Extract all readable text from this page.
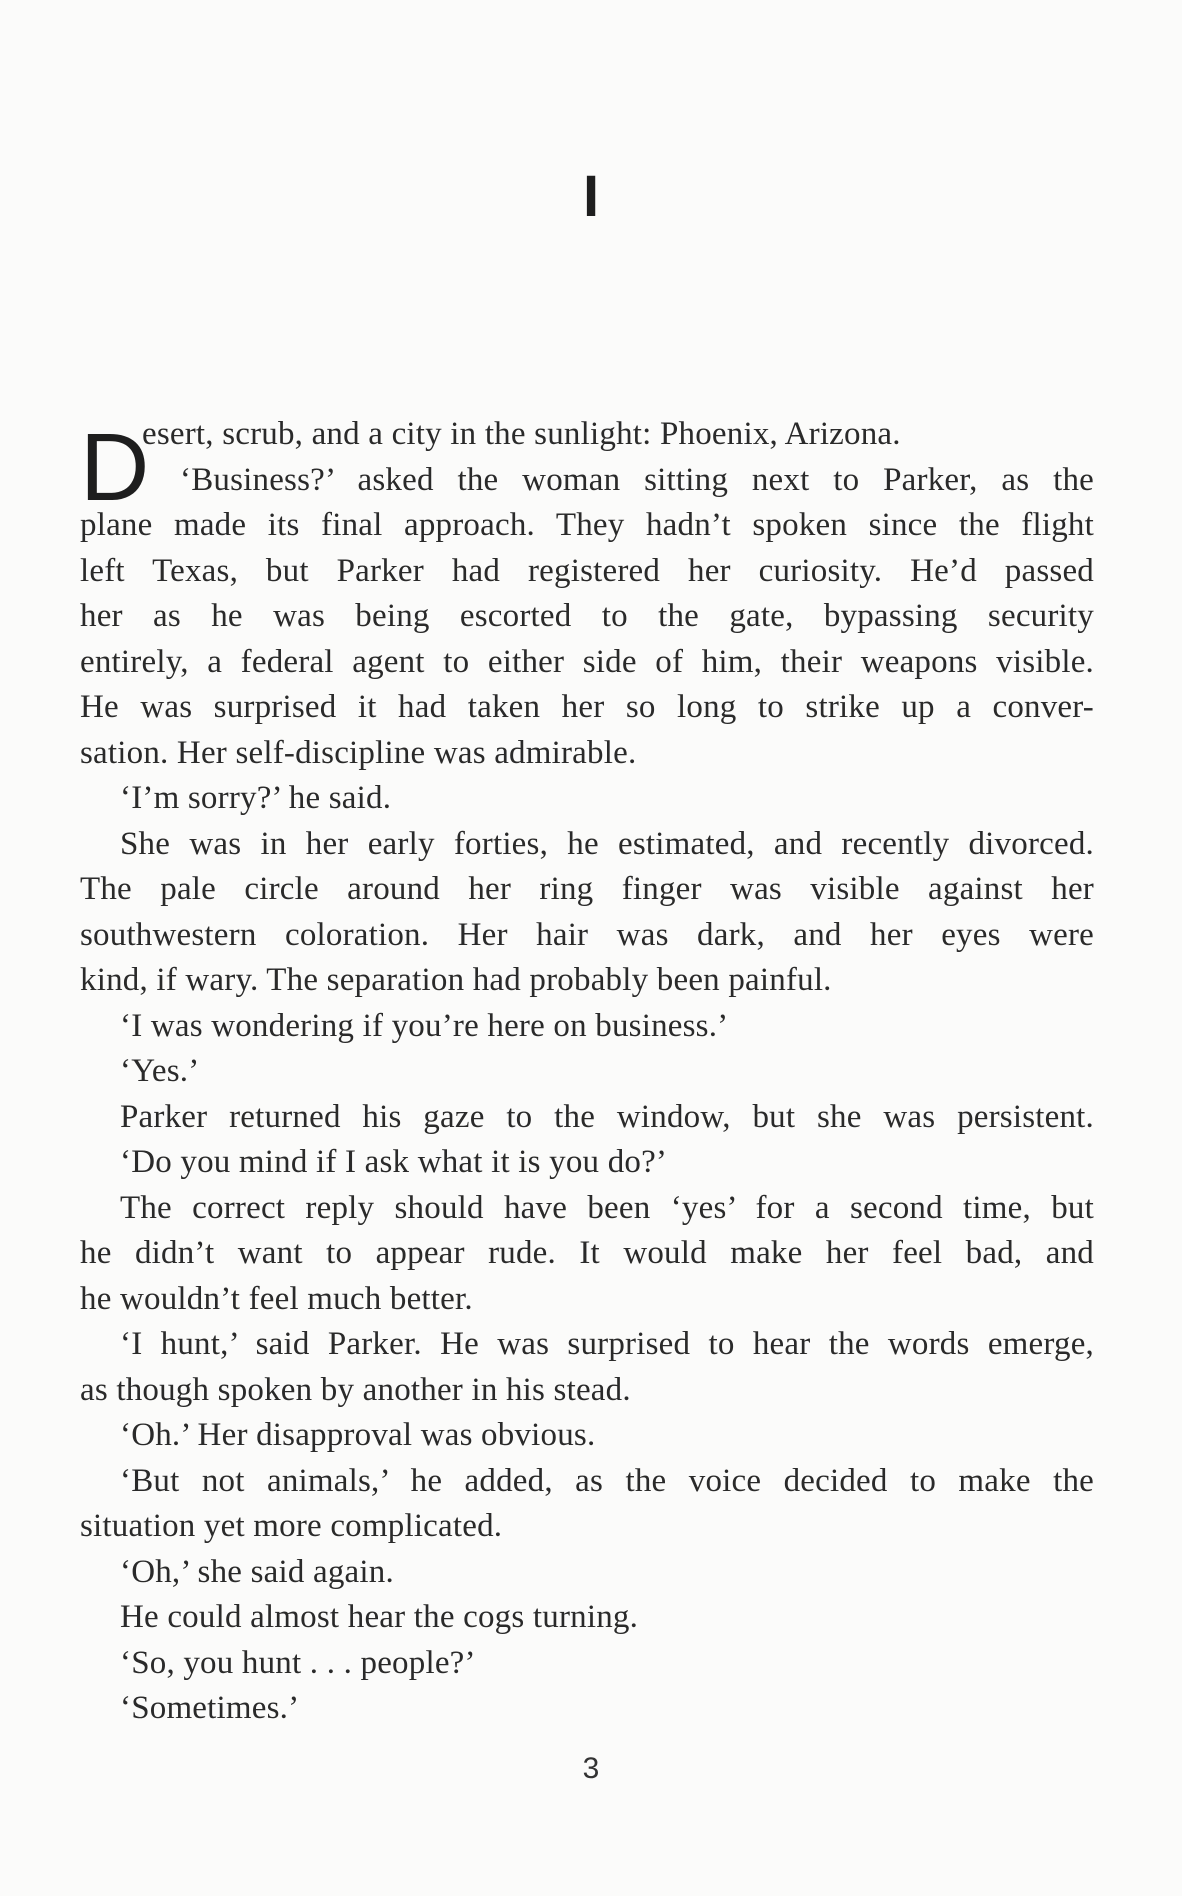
I
D
esert, scrub, and a city in the sunlight: Phoenix, Arizona.
‘Business?’ asked the woman sitting next to Parker, as the
plane made its final approach. They hadn’t spoken since the flight
left Texas, but Parker had registered her curiosity. He’d passed
her as he was being escorted to the gate, bypassing security
entirely, a federal agent to either side of him, their weapons visible.
He was surprised it had taken her so long to strike up a conver-
sation. Her self-discipline was admirable.
‘I’m sorry?’ he said.
She was in her early forties, he estimated, and recently divorced.
The pale circle around her ring finger was visible against her
southwestern coloration. Her hair was dark, and her eyes were
kind, if wary. The separation had probably been painful.
‘I was wondering if you’re here on business.’
‘Yes.’
Parker returned his gaze to the window, but she was persistent.
‘Do you mind if I ask what it is you do?’
The correct reply should have been ‘yes’ for a second time, but
he didn’t want to appear rude. It would make her feel bad, and
he wouldn’t feel much better.
‘I hunt,’ said Parker. He was surprised to hear the words emerge,
as though spoken by another in his stead.
‘Oh.’ Her disapproval was obvious.
‘But not animals,’ he added, as the voice decided to make the
situation yet more complicated.
‘Oh,’ she said again.
He could almost hear the cogs turning.
‘So, you hunt . . . people?’
‘Sometimes.’
3
